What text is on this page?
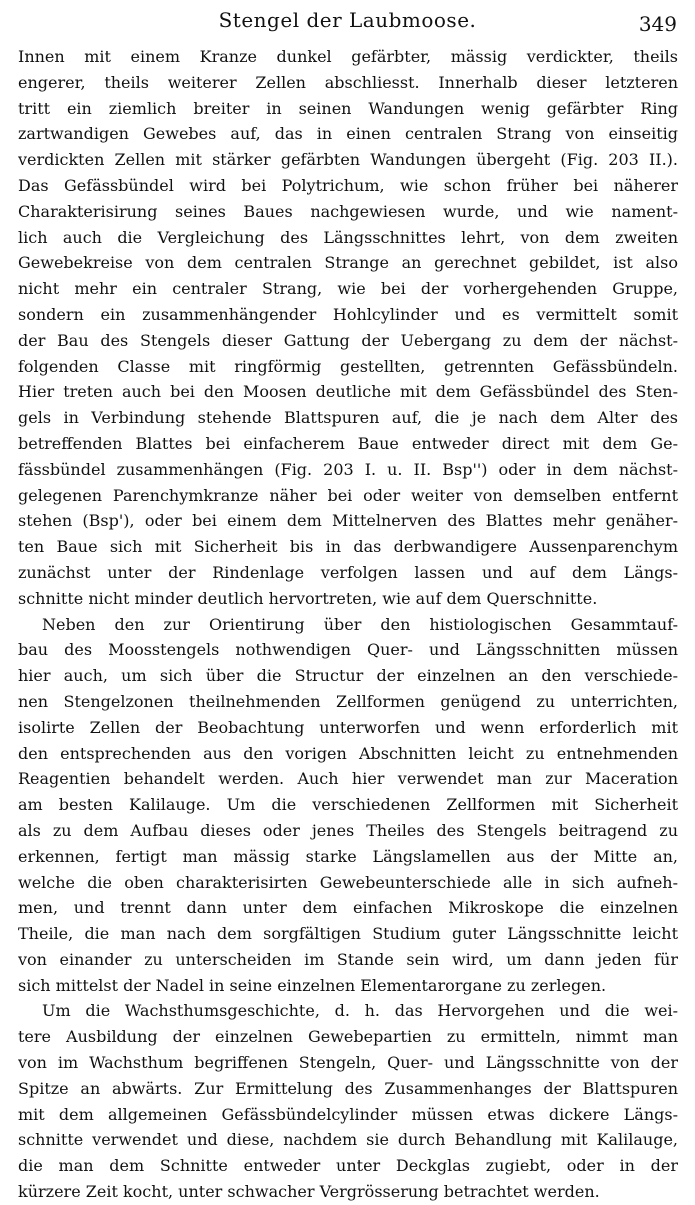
Stengel der Laubmoose.	349
Innen mit einem Kranze dunkel gefärbter, mässig verdickter, theils
engerer, theils weiterer Zellen abschliesst. Innerhalb dieser letzteren
tritt ein ziemlich breiter in seinen Wandungen wenig gefärbter Ring
zartwandigen Gewebes auf, das in einen centralen Strang von einseitig
verdickten Zellen mit stärker gefärbten Wandungen übergeht (Fig. 203 II.).
Das Gefässbündel wird bei Polytrichum, wie schon früher bei näherer
Charakterisirung seines Baues nachgewiesen wurde, und wie nament-
lich auch die Vergleichung des Längsschnittes lehrt, von dem zweiten
Gewebekreise von dem centralen Strange an gerechnet gebildet, ist also
nicht mehr ein centraler Strang, wie bei der vorhergehenden Gruppe,
sondern ein zusammenhängender Hohlcylinder und es vermittelt somit
der Bau des Stengels dieser Gattung der Uebergang zu dem der nächst-
folgenden Classe mit ringförmig gestellten, getrennten Gefässbündeln.
Hier treten auch bei den Moosen deutliche mit dem Gefässbündel des Sten-
gels in Verbindung stehende Blattspuren auf, die je nach dem Alter des
betreffenden Blattes bei einfacherem Baue entweder direct mit dem Ge-
fässbündel zusammenhängen (Fig. 203 I. u. II. Bsp'') oder in dem nächst-
gelegenen Parenchymkranze näher bei oder weiter von demselben entfernt
stehen (Bsp'), oder bei einem dem Mittelnerven des Blattes mehr genäher-
ten Baue sich mit Sicherheit bis in das derbwandigere Aussenparenchym
zunächst unter der Rindenlage verfolgen lassen und auf dem Längs-
schnitte nicht minder deutlich hervortreten, wie auf dem Querschnitte.
Neben den zur Orientirung über den histiologischen Gesammtauf-
bau des Moosstengels nothwendigen Quer- und Längsschnitten müssen
hier auch, um sich über die Structur der einzelnen an den verschiede-
nen Stengelzonen theilnehmenden Zellformen genügend zu unterrichten,
isolirte Zellen der Beobachtung unterworfen und wenn erforderlich mit
den entsprechenden aus den vorigen Abschnitten leicht zu entnehmenden
Reagentien behandelt werden. Auch hier verwendet man zur Maceration
am besten Kalilauge. Um die verschiedenen Zellformen mit Sicherheit
als zu dem Aufbau dieses oder jenes Theiles des Stengels beitragend zu
erkennen, fertigt man mässig starke Längslamellen aus der Mitte an,
welche die oben charakterisirten Gewebeunterschiede alle in sich aufneh-
men, und trennt dann unter dem einfachen Mikroskope die einzelnen
Theile, die man nach dem sorgfältigen Studium guter Längsschnitte leicht
von einander zu unterscheiden im Stande sein wird, um dann jeden für
sich mittelst der Nadel in seine einzelnen Elementarorgane zu zerlegen.
Um die Wachsthumsgeschichte, d. h. das Hervorgehen und die wei-
tere Ausbildung der einzelnen Gewebepartien zu ermitteln, nimmt man
von im Wachsthum begriffenen Stengeln, Quer- und Längsschnitte von der
Spitze an abwärts. Zur Ermittelung des Zusammenhanges der Blattspuren
mit dem allgemeinen Gefässbündelcylinder müssen etwas dickere Längs-
schnitte verwendet und diese, nachdem sie durch Behandlung mit Kalilauge,
die man dem Schnitte entweder unter Deckglas zugiebt, oder in der
kürzere Zeit kocht, unter schwacher Vergrösserung betrachtet werden.
